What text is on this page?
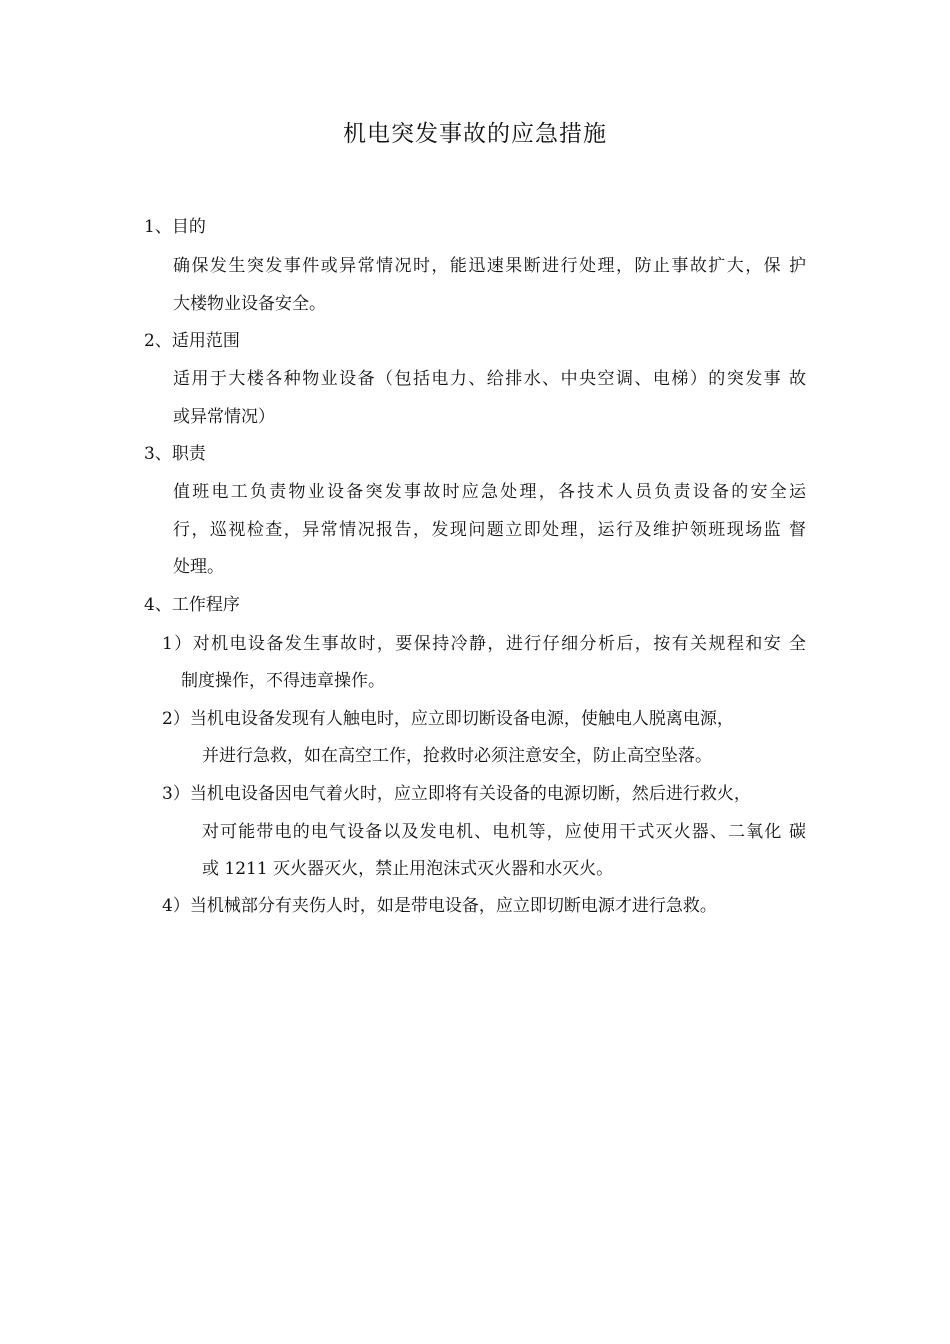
机电突发事故的应急措施
1、目的
确保发生突发事件或异常情况时，能迅速果断进行处理，防止事故扩大，保 护
大楼物业设备安全。
2、适用范围
适用于大楼各种物业设备（包括电力、给排水、中央空调、电梯）的突发事 故
或异常情况）
3、职责
值班电工负责物业设备突发事故时应急处理，各技术人员负责设备的安全运
行，巡视检查，异常情况报告，发现问题立即处理，运行及维护领班现场监 督
处理。
4、工作程序
1）对机电设备发生事故时，要保持冷静，进行仔细分析后，按有关规程和安 全
制度操作，不得违章操作。
2）当机电设备发现有人触电时，应立即切断设备电源，使触电人脱离电源，
并进行急救，如在高空工作，抢救时必须注意安全，防止高空坠落。
3）当机电设备因电气着火时，应立即将有关设备的电源切断，然后进行救火，
对可能带电的电气设备以及发电机、电机等，应使用干式灭火器、二氧化 碳
或 1211 灭火器灭火，禁止用泡沫式灭火器和水灭火。
4）当机械部分有夹伤人时，如是带电设备，应立即切断电源才进行急救。
